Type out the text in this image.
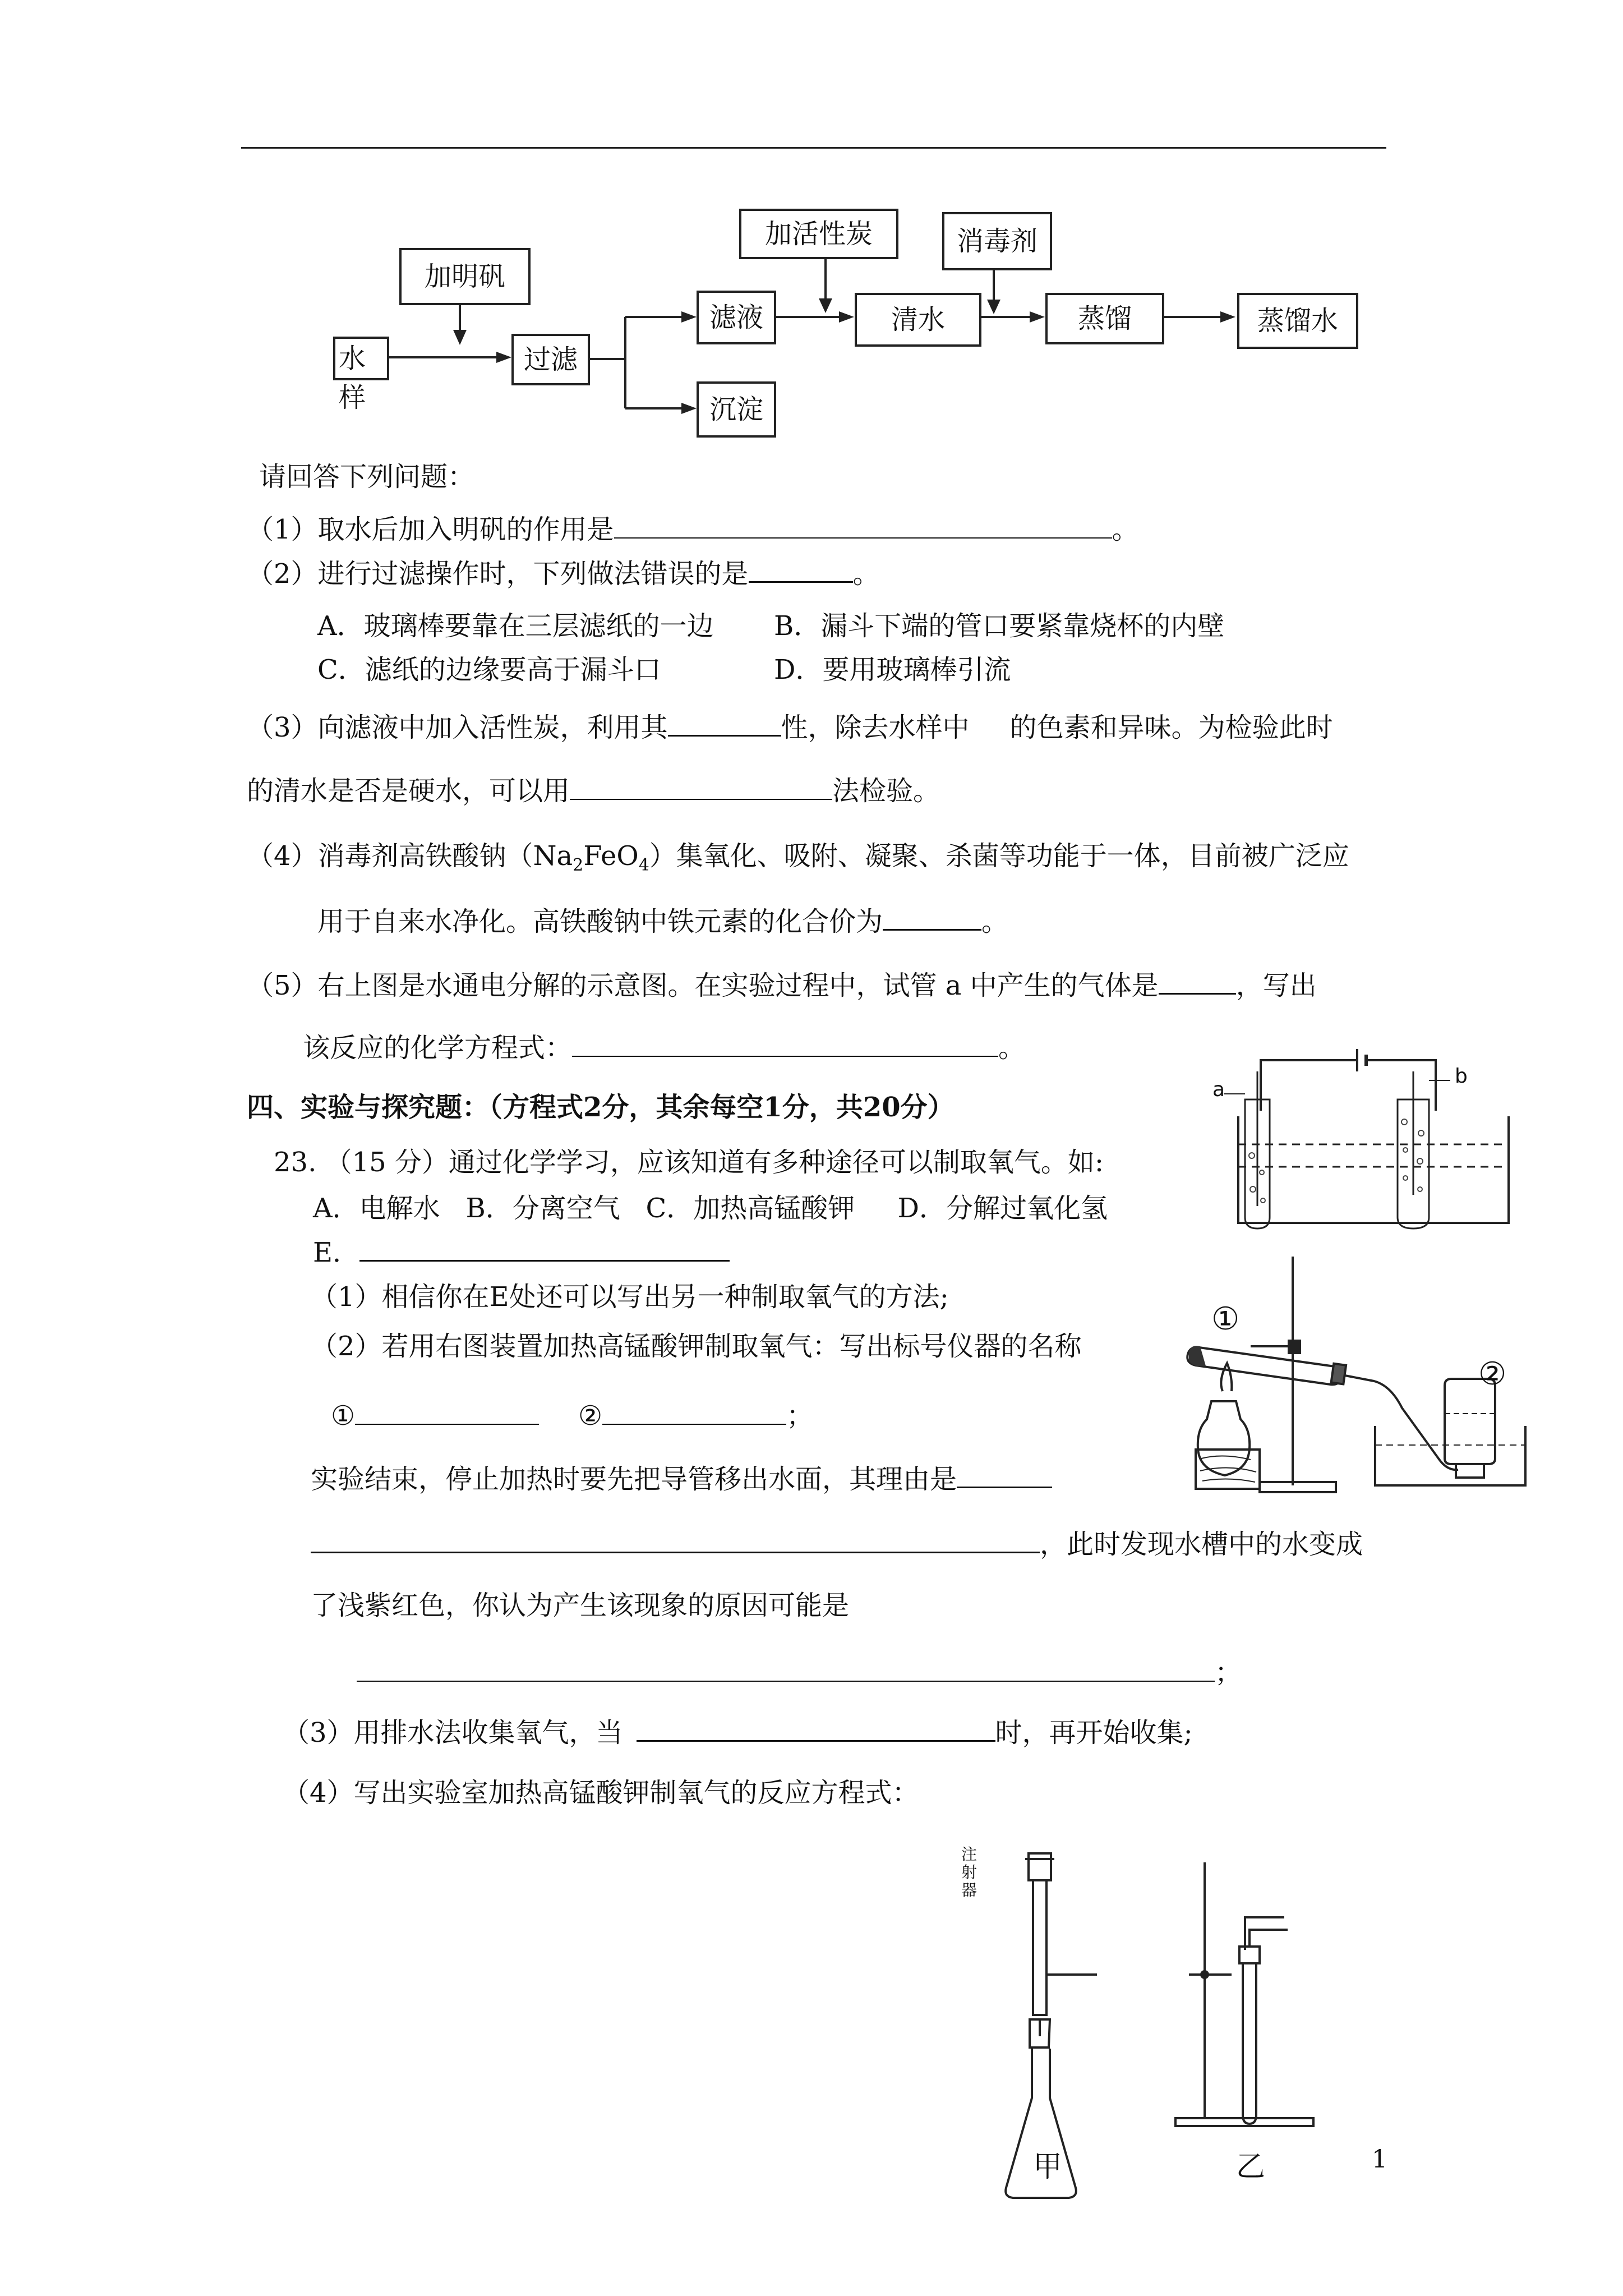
加明矾
加活性炭	消毒剂
水样
过滤
滤液	清水	蒸馏	蒸馏水
沉淀
请回答下列问题：
（1）取水后加入明矾的作用是	。
（2）进行过滤操作时，下列做法错误的是	。
A．玻璃棒要靠在三层滤纸的一边 B．漏斗下端的管口要紧靠烧杯的内壁
C．滤纸的边缘要高于漏斗口	D．要用玻璃棒引流
（3）向滤液中加入活性炭，利用其	性，除去水样中 的色素和异味。为检验此时
的清水是否是硬水，可以用	法检验。
（4）消毒剂高铁酸钠$(Na_2FeO_4)$集氧化、吸附、凝聚、杀菌等功能于一体，目前被广泛应
用于自来水净化。高铁酸钠中铁元素的化合价为	。
（5）右上图是水通电分解的示意图。在实验过程中，试管 a 中产生的气体是	，写出
该反应的化学方程式：	。
a
b
四、实验与探究题：（方程式2分，其余每空1分，共20分）
23. （15 分）通过化学学习，应该知道有多种途径可以制取氧气。如:
A．电解水   B．分离空气   C．加热高锰酸钾     D．分解过氧化氢
E．
（1）相信你在E处还可以写出另一种制取氧气的方法;
（2）若用右图装置加热高锰酸钾制取氧气：写出标号仪器的名称
①	②	；
实验结束，停止加热时要先把导管移出水面，其理由是
，此时发现水槽中的水变成
了浅紫红色，你认为产生该现象的原因可能是
；
（3）用排水法收集氧气，当	时，再开始收集;
（4）写出实验室加热高锰酸钾制氧气的反应方程式：
①
②
注射器
甲	乙	1
